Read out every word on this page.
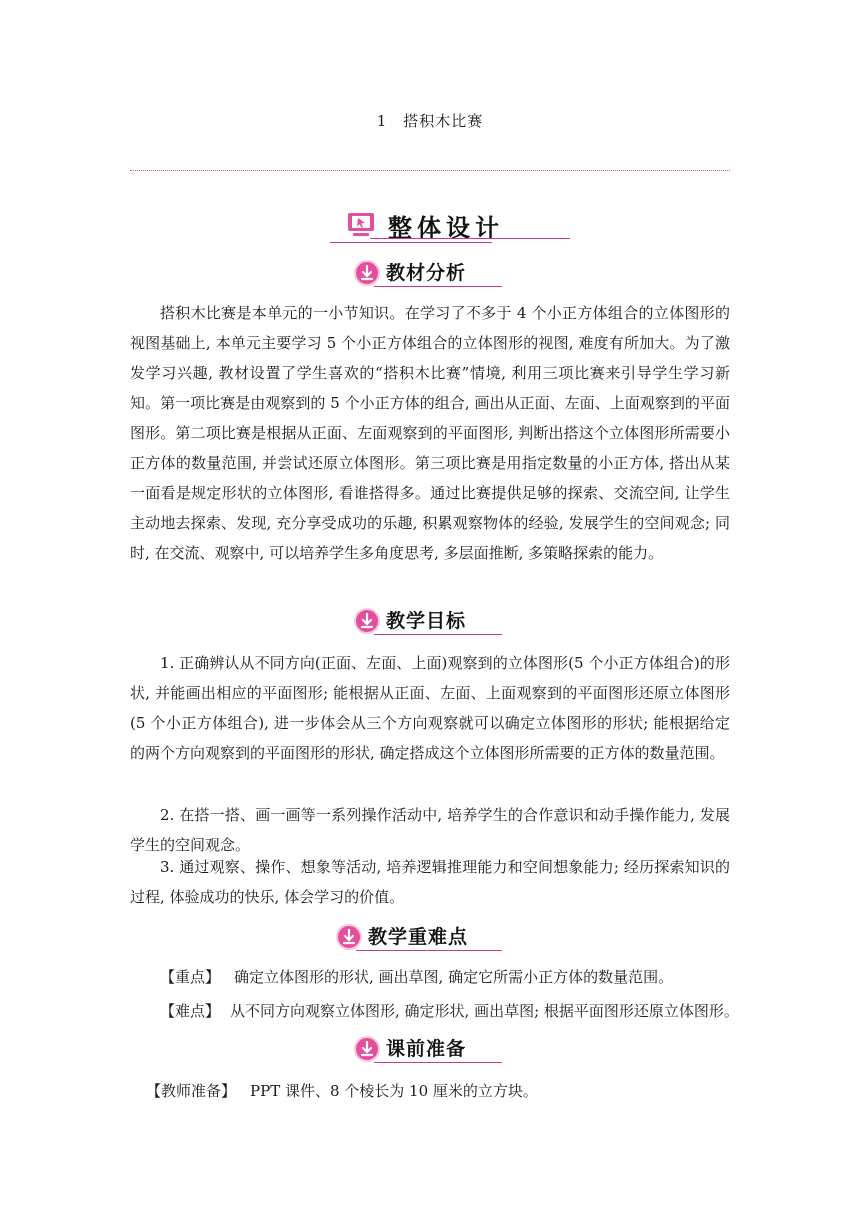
1　搭积木比赛
整体设计
教材分析
搭积木比赛是本单元的一小节知识。在学习了不多于 4 个小正方体组合的立体图形的视图基础上, 本单元主要学习 5 个小正方体组合的立体图形的视图, 难度有所加大。为了激发学习兴趣, 教材设置了学生喜欢的“搭积木比赛”情境, 利用三项比赛来引导学生学习新知。第一项比赛是由观察到的 5 个小正方体的组合, 画出从正面、左面、上面观察到的平面图形。第二项比赛是根据从正面、左面观察到的平面图形, 判断出搭这个立体图形所需要小正方体的数量范围, 并尝试还原立体图形。第三项比赛是用指定数量的小正方体, 搭出从某一面看是规定形状的立体图形, 看谁搭得多。通过比赛提供足够的探索、交流空间, 让学生主动地去探索、发现, 充分享受成功的乐趣, 积累观察物体的经验, 发展学生的空间观念; 同时, 在交流、观察中, 可以培养学生多角度思考, 多层面推断, 多策略探索的能力。
教学目标
1. 正确辨认从不同方向(正面、左面、上面)观察到的立体图形(5 个小正方体组合)的形状, 并能画出相应的平面图形; 能根据从正面、左面、上面观察到的平面图形还原立体图形(5 个小正方体组合), 进一步体会从三个方向观察就可以确定立体图形的形状; 能根据给定的两个方向观察到的平面图形的形状, 确定搭成这个立体图形所需要的正方体的数量范围。
2. 在搭一搭、画一画等一系列操作活动中, 培养学生的合作意识和动手操作能力, 发展学生的空间观念。
3. 通过观察、操作、想象等活动, 培养逻辑推理能力和空间想象能力; 经历探索知识的过程, 体验成功的快乐, 体会学习的价值。
教学重难点
【重点】 确定立体图形的形状, 画出草图, 确定它所需小正方体的数量范围。
【难点】 从不同方向观察立体图形, 确定形状, 画出草图; 根据平面图形还原立体图形。
课前准备
【教师准备】 PPT 课件、8 个棱长为 10 厘米的立方块。
